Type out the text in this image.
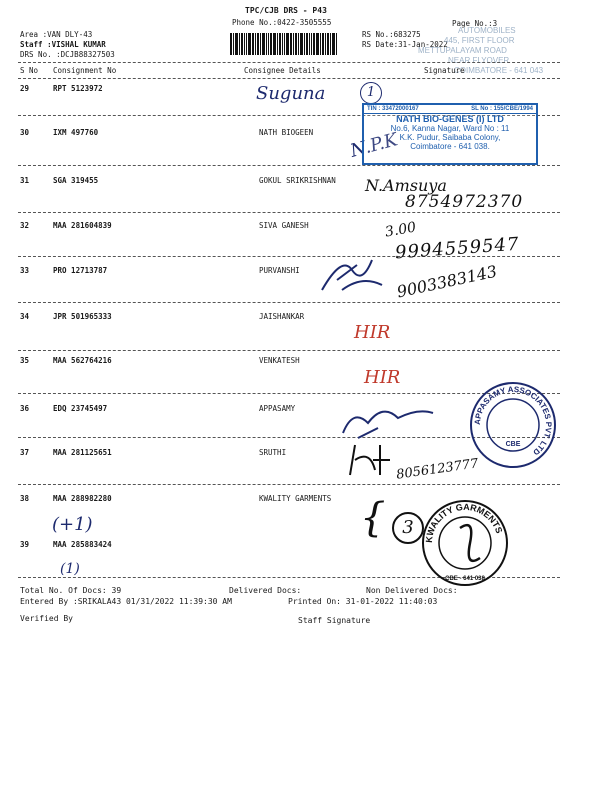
TPC/CJB DRS - P43
Phone No.:0422-3505555
Area :VAN DLY-43
Staff :VISHAL KUMAR
DRS No. :DCJB88327503
RS No.:683275
RS Date:31-Jan-2022
Page No.:3
AUTOMOBILES
445, FIRST FLOOR
METTUPALAYAM ROAD
NEAR FLYOVER
COIMBATORE - 641 043
S No Consignment No	Consignee Details	Signature
29	RPT 5123972
30	IXM 497760	NATH BIOGEEN
31	SGA 319455	GOKUL SRIKRISHNAN
32	MAA 281604839	SIVA GANESH
33	PRO 12713787	PURVANSHI
34	JPR 501965333	JAISHANKAR
35	MAA 562764216	VENKATESH
36	EDQ 23745497	APPASAMY
37	MAA 281125651	SRUTHI
38	MAA 288982280	KWALITY GARMENTS
39	MAA 285883424
Suguna	1
N.P.K
N.Amsuya
8754972370
3.00
9994559547
9003383143
HIR
HIR
8056123777
{ 3
(+1)
(1)
TIN : 33472000167	SL No : 155/CBE/1994
NATH BIO-GENES (I) LTD
No.6, Kanna Nagar, Ward No : 11
K.K. Pudur, Saibaba Colony,
Coimbatore - 641 038.
APPASAMY ASSOCIATES PVT. LTD
CBE
KWALITY GARMENTS
CBE - 641 038
Total No. Of Docs: 39	Delivered Docs:	Non Delivered Docs:
Entered By :SRIKALA43 01/31/2022 11:39:30 AM	Printed On: 31-01-2022 11:40:03
Verified By	Staff Signature
